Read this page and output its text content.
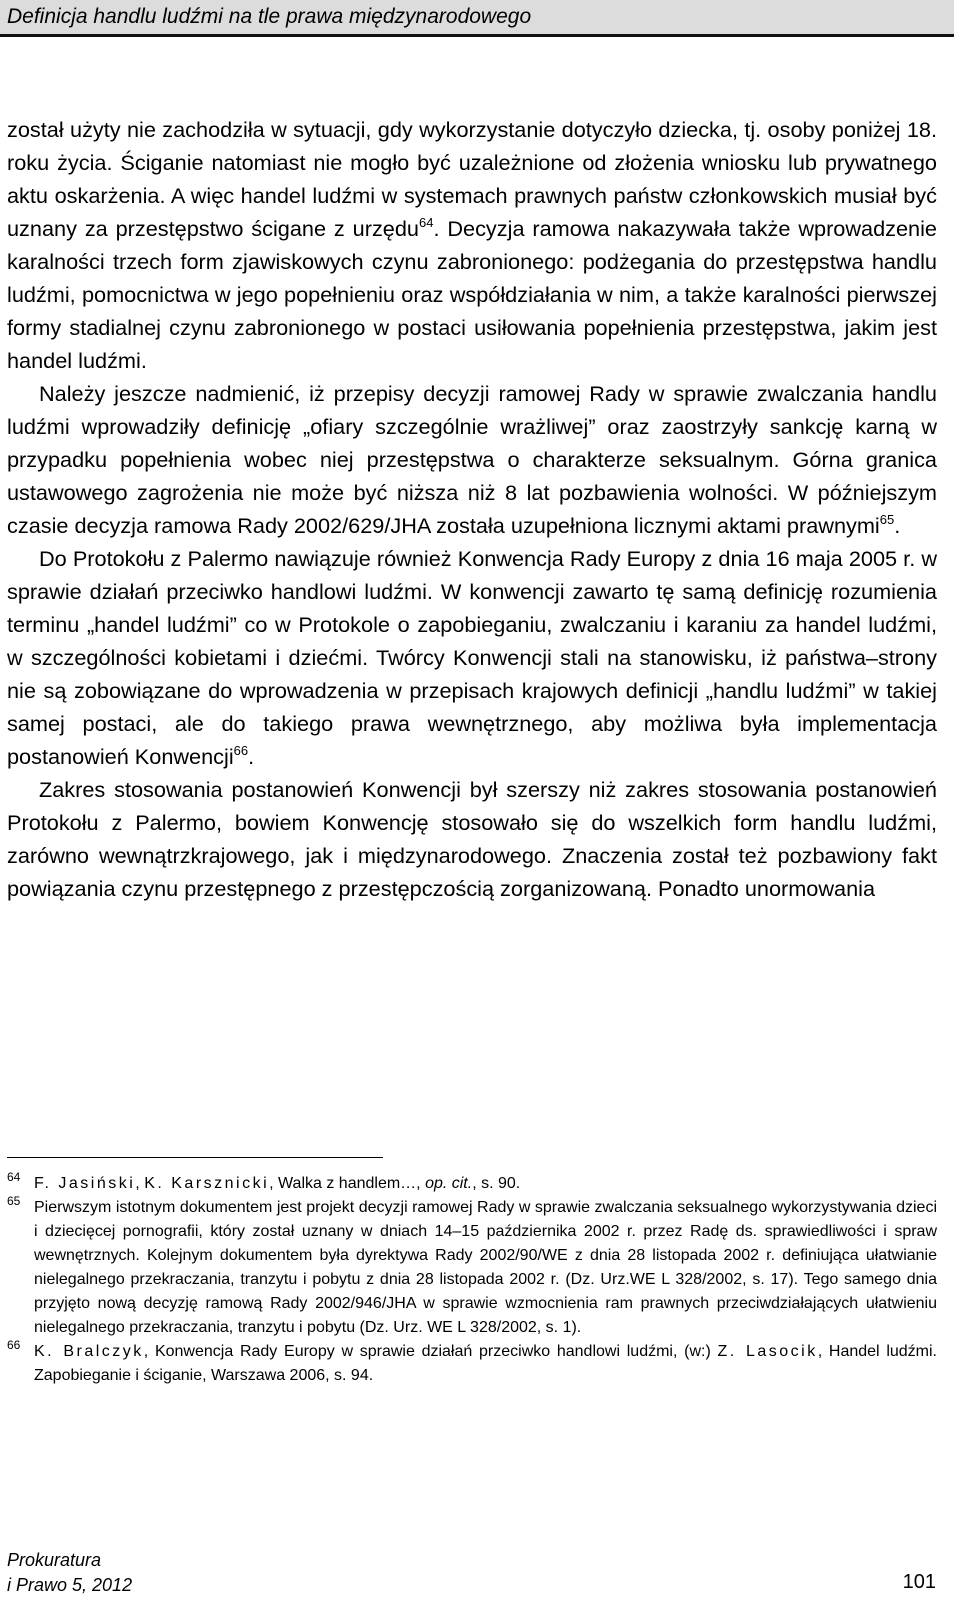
Definicja handlu ludźmi na tle prawa międzynarodowego

został użyty nie zachodziła w sytuacji, gdy wykorzystanie dotyczyło dziecka, tj. osoby poniżej 18. roku życia. Ściganie natomiast nie mogło być uzależnione od złożenia wniosku lub prywatnego aktu oskarżenia. A więc handel ludźmi w systemach prawnych państw członkowskich musiał być uznany za przestępstwo ścigane z urzędu$^{64}$. Decyzja ramowa nakazywała także wprowadzenie karalności trzech form zjawiskowych czynu zabronionego: podżegania do przestępstwa handlu ludźmi, pomocnictwa w jego popełnieniu oraz współdziałania w nim, a także karalności pierwszej formy stadialnej czynu zabronionego w postaci usiłowania popełnienia przestępstwa, jakim jest handel ludźmi.

Należy jeszcze nadmienić, iż przepisy decyzji ramowej Rady w sprawie zwalczania handlu ludźmi wprowadziły definicję „ofiary szczególnie wrażliwej” oraz zaostrzyły sankcję karną w przypadku popełnienia wobec niej przestępstwa o charakterze seksualnym. Górna granica ustawowego zagrożenia nie może być niższa niż 8 lat pozbawienia wolności. W późniejszym czasie decyzja ramowa Rady 2002/629/JHA została uzupełniona licznymi aktami prawnymi$^{65}$.

Do Protokołu z Palermo nawiązuje również Konwencja Rady Europy z dnia 16 maja 2005 r. w sprawie działań przeciwko handlowi ludźmi. W konwencji zawarto tę samą definicję rozumienia terminu „handel ludźmi” co w Protokole o zapobieganiu, zwalczaniu i karaniu za handel ludźmi, w szczególności kobietami i dziećmi. Twórcy Konwencji stali na stanowisku, iż państwa–strony nie są zobowiązane do wprowadzenia w przepisach krajowych definicji „handlu ludźmi” w takiej samej postaci, ale do takiego prawa wewnętrznego, aby możliwa była implementacja postanowień Konwencji$^{66}$.

Zakres stosowania postanowień Konwencji był szerszy niż zakres stosowania postanowień Protokołu z Palermo, bowiem Konwencję stosowało się do wszelkich form handlu ludźmi, zarówno wewnątrzkrajowego, jak i międzynarodowego. Znaczenia został też pozbawiony fakt powiązania czynu przestępnego z przestępczością zorganizowaną. Ponadto unormowania

64 F. Jasiński, K. Karsznicki, Walka z handlem…, op. cit., s. 90.
65 Pierwszym istotnym dokumentem jest projekt decyzji ramowej Rady w sprawie zwalczania seksualnego wykorzystywania dzieci i dziecięcej pornografii, który został uznany w dniach 14–15 października 2002 r. przez Radę ds. sprawiedliwości i spraw wewnętrznych. Kolejnym dokumentem była dyrektywa Rady 2002/90/WE z dnia 28 listopada 2002 r. definiująca ułatwianie nielegalnego przekraczania, tranzytu i pobytu z dnia 28 listopada 2002 r. (Dz. Urz.WE L 328/2002, s. 17). Tego samego dnia przyjęto nową decyzję ramową Rady 2002/946/JHA w sprawie wzmocnienia ram prawnych przeciwdziałających ułatwieniu nielegalnego przekraczania, tranzytu i pobytu (Dz. Urz. WE L 328/2002, s. 1).
66 K. Bralczyk, Konwencja Rady Europy w sprawie działań przeciwko handlowi ludźmi, (w:) Z. Lasocik, Handel ludźmi. Zapobieganie i ściganie, Warszawa 2006, s. 94.
Prokuratura
i Prawo 5, 2012	101
